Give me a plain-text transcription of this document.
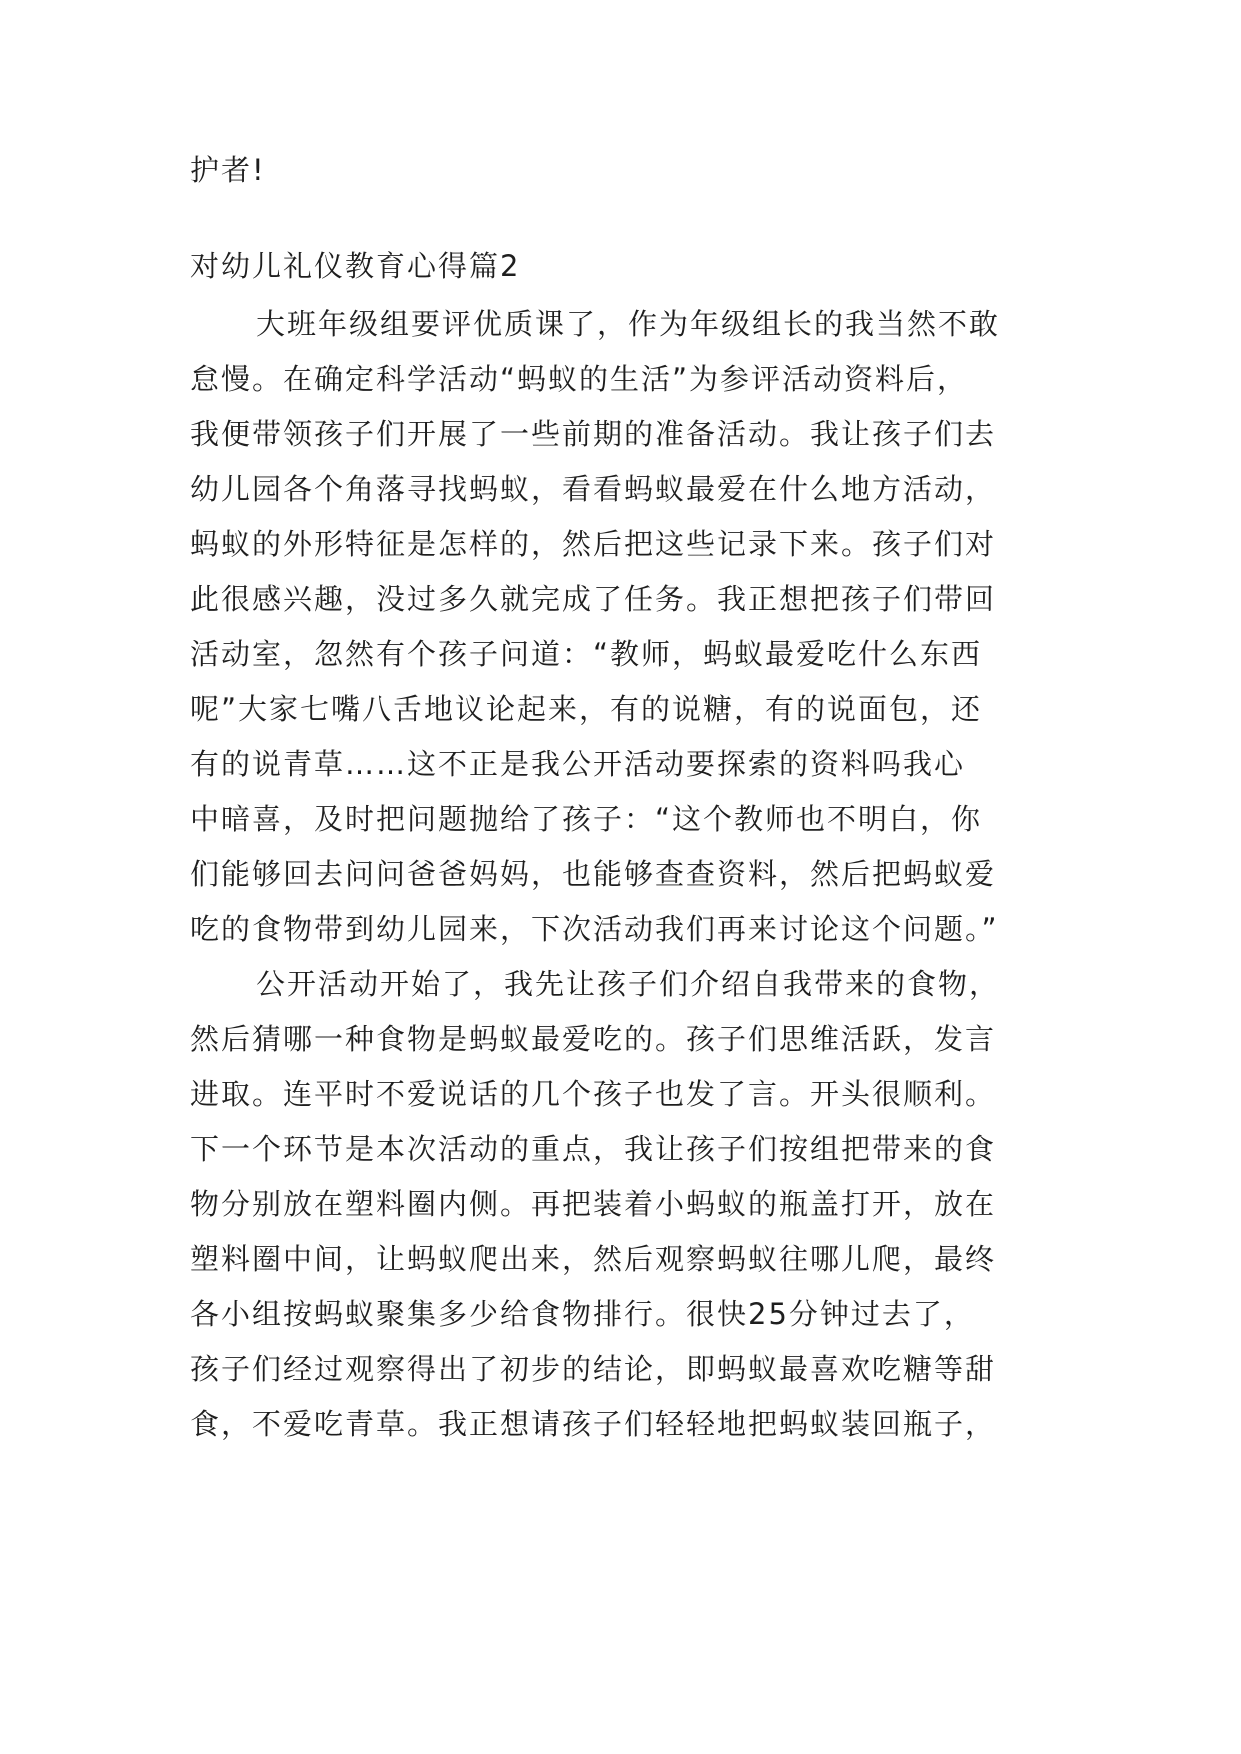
护者!
对幼儿礼仪教育心得篇2
大班年级组要评优质课了，作为年级组长的我当然不敢
怠慢。在确定科学活动“蚂蚁的生活”为参评活动资料后，
我便带领孩子们开展了一些前期的准备活动。我让孩子们去
幼儿园各个角落寻找蚂蚁，看看蚂蚁最爱在什么地方活动，
蚂蚁的外形特征是怎样的，然后把这些记录下来。孩子们对
此很感兴趣，没过多久就完成了任务。我正想把孩子们带回
活动室，忽然有个孩子问道：“教师，蚂蚁最爱吃什么东西
呢”大家七嘴八舌地议论起来，有的说糖，有的说面包，还
有的说青草……这不正是我公开活动要探索的资料吗我心
中暗喜，及时把问题抛给了孩子：“这个教师也不明白，你
们能够回去问问爸爸妈妈，也能够查查资料，然后把蚂蚁爱
吃的食物带到幼儿园来，下次活动我们再来讨论这个问题。”
公开活动开始了，我先让孩子们介绍自我带来的食物，
然后猜哪一种食物是蚂蚁最爱吃的。孩子们思维活跃，发言
进取。连平时不爱说话的几个孩子也发了言。开头很顺利。
下一个环节是本次活动的重点，我让孩子们按组把带来的食
物分别放在塑料圈内侧。再把装着小蚂蚁的瓶盖打开，放在
塑料圈中间，让蚂蚁爬出来，然后观察蚂蚁往哪儿爬，最终
各小组按蚂蚁聚集多少给食物排行。很快25分钟过去了，
孩子们经过观察得出了初步的结论，即蚂蚁最喜欢吃糖等甜
食，不爱吃青草。我正想请孩子们轻轻地把蚂蚁装回瓶子，
